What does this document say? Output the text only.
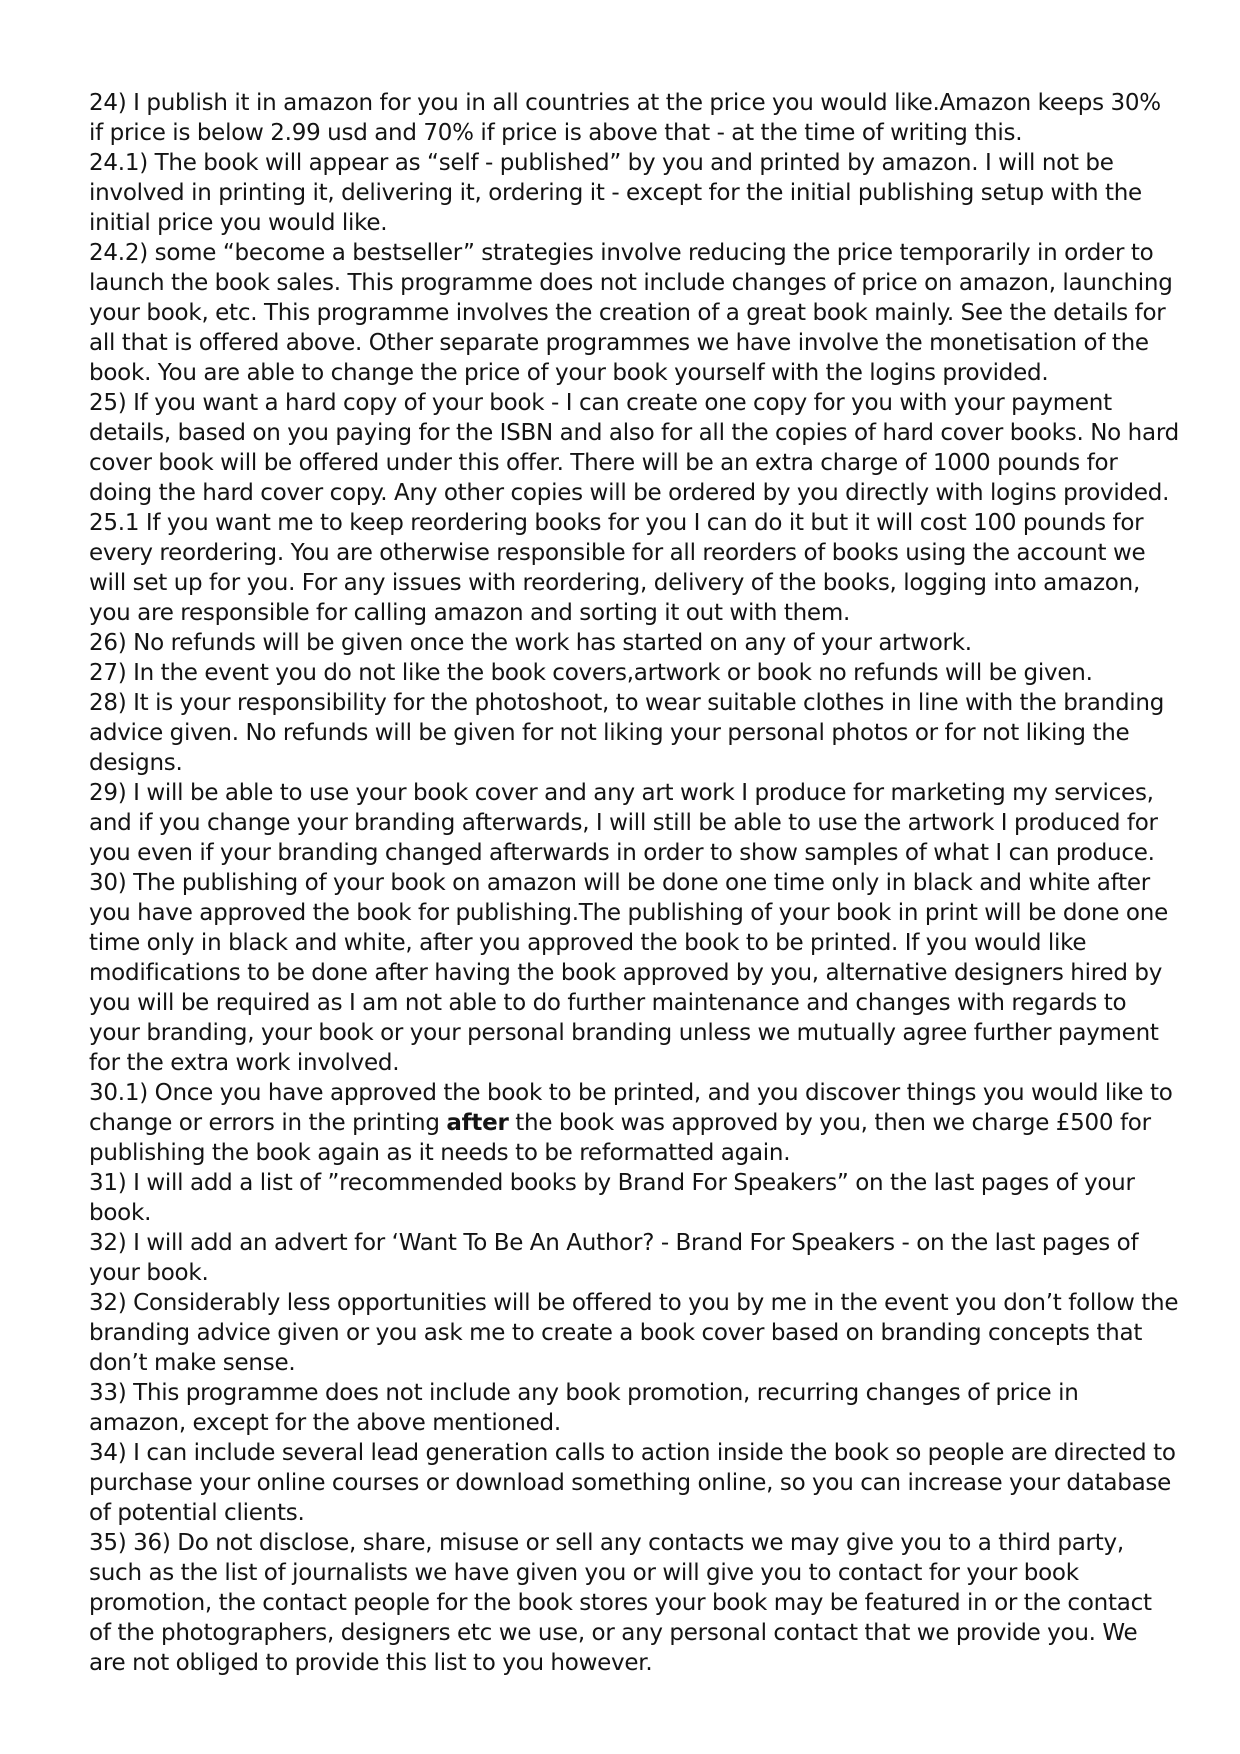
24) I publish it in amazon for you in all countries at the price you would like.Amazon keeps 30% if price is below 2.99 usd and 70% if price is above that - at the time of writing this.

24.1) The book will appear as “self - published” by you and printed by amazon. I will not be involved in printing it, delivering it, ordering it - except for the initial publishing setup with the initial price you would like.

24.2) some “become a bestseller” strategies involve reducing the price temporarily in order to launch the book sales. This programme does not include changes of price on amazon, launching your book, etc. This programme involves the creation of a great book mainly. See the details for all that is offered above. Other separate programmes we have involve the monetisation of the book. You are able to change the price of your book yourself with the logins provided.

25) If you want a hard copy of your book - I can create one copy for you with your payment details, based on you paying for the ISBN and also for all the copies of hard cover books. No hard cover book will be offered under this offer. There will be an extra charge of 1000 pounds for doing the hard cover copy. Any other copies will be ordered by you directly with logins provided.

25.1 If you want me to keep reordering books for you I can do it but it will cost 100 pounds for every reordering. You are otherwise responsible for all reorders of books using the account we will set up for you. For any issues with reordering, delivery of the books, logging into amazon, you are responsible for calling amazon and sorting it out with them.

26) No refunds will be given once the work has started on any of your artwork.

27) In the event you do not like the book covers,artwork or book no refunds will be given.

28) It is your responsibility for the photoshoot, to wear suitable clothes in line with the branding advice given. No refunds will be given for not liking your personal photos or for not liking the designs.

29) I will be able to use your book cover and any art work I produce for marketing my services, and if you change your branding afterwards, I will still be able to use the artwork I produced for you even if your branding changed afterwards in order to show samples of what I can produce.

30) The publishing of your book on amazon will be done one time only in black and white after you have approved the book for publishing.The publishing of your book in print will be done one time only in black and white, after you approved the book to be printed. If you would like modifications to be done after having the book approved by you, alternative designers hired by you will be required as I am not able to do further maintenance and changes with regards to your branding, your book or your personal branding unless we mutually agree further payment for the extra work involved.

30.1) Once you have approved the book to be printed, and you discover things you would like to change or errors in the printing after the book was approved by you, then we charge £500 for publishing the book again as it needs to be reformatted again.

31) I will add a list of ”recommended books by Brand For Speakers” on the last pages of your book.

32) I will add an advert for ‘Want To Be An Author? - Brand For Speakers - on the last pages of your book.

32) Considerably less opportunities will be offered to you by me in the event you don’t follow the branding advice given or you ask me to create a book cover based on branding concepts that don’t make sense.

33) This programme does not include any book promotion, recurring changes of price in amazon, except for the above mentioned.

34) I can include several lead generation calls to action inside the book so people are directed to purchase your online courses or download something online, so you can increase your database of potential clients.

35) 36) Do not disclose, share, misuse or sell any contacts we may give you to a third party, such as the list of journalists we have given you or will give you to contact for your book promotion, the contact people for the book stores your book may be featured in or the contact of the photographers, designers etc we use, or any personal contact that we provide you. We are not obliged to provide this list to you however.
